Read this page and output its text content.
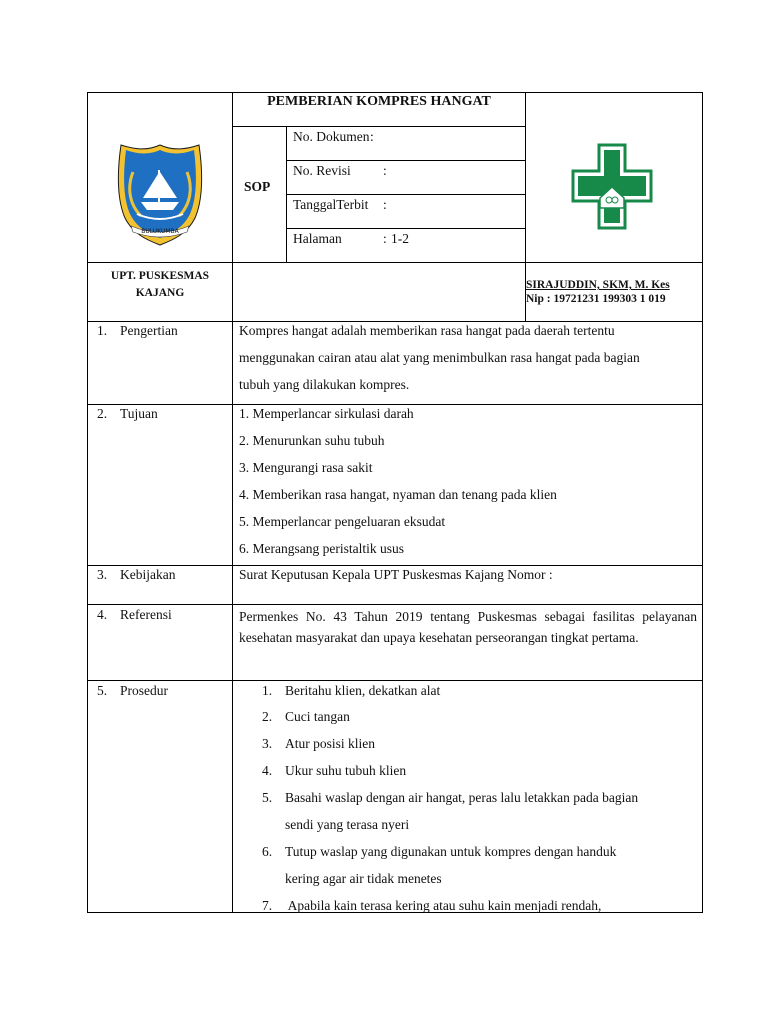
BULUKUMBA
PEMBERIAN KOMPRES HANGAT
SOP
No. Dokumen :
No. Revisi :
TanggalTerbit :
Halaman	: 1-2
UPT. PUSKESMAS
KAJANG
SIRAJUDDIN, SKM, M. Kes
Nip : 19721231 199303 1 019
1. Pengertian	Kompres hangat adalah memberikan rasa hangat pada daerah tertentu
menggunakan cairan atau alat yang menimbulkan rasa hangat pada bagian
tubuh yang dilakukan kompres.
2. Tujuan	1. Memperlancar sirkulasi darah
2. Menurunkan suhu tubuh
3. Mengurangi rasa sakit
4. Memberikan rasa hangat, nyaman dan tenang pada klien
5. Memperlancar pengeluaran eksudat
6. Merangsang peristaltik usus
3. Kebijakan	Surat Keputusan Kepala UPT Puskesmas Kajang Nomor :
4. Referensi	Permenkes No. 43 Tahun 2019 tentang Puskesmas sebagai fasilitas pelayanan kesehatan masyarakat dan upaya kesehatan perseorangan tingkat pertama.
5. Prosedur	1. Beritahu klien, dekatkan alat
2. Cuci tangan
3. Atur posisi klien
4. Ukur suhu tubuh klien
5. Basahi waslap dengan air hangat, peras lalu letakkan pada bagian
sendi yang terasa nyeri
6. Tutup waslap yang digunakan untuk kompres dengan handuk
kering agar air tidak menetes
7. Apabila kain terasa kering atau suhu kain menjadi rendah,
